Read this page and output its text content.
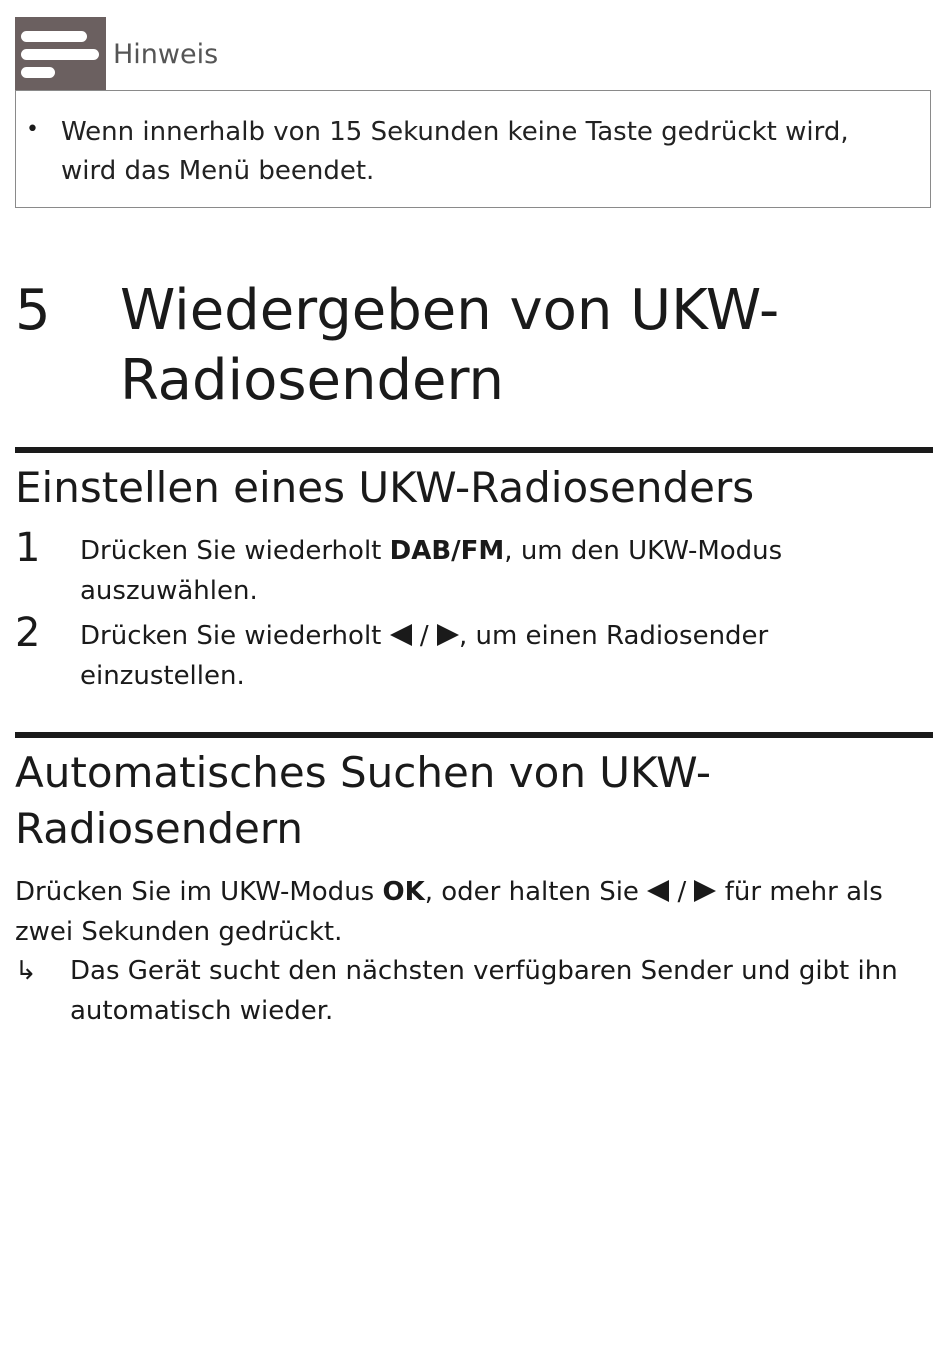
Hinweis
• Wenn innerhalb von 15 Sekunden keine Taste gedrückt wird, wird das Menü beendet.
5 Wiedergeben von UKW-Radiosendern
Einstellen eines UKW-Radiosenders
1 Drücken Sie wiederholt DAB/FM, um den UKW-Modus auszuwählen.
2 Drücken Sie wiederholt  / , um einen Radiosender einzustellen.
Automatisches Suchen von UKW-
Radiosendern
Drücken Sie im UKW-Modus OK, oder halten Sie  /  für mehr als zwei Sekunden gedrückt.
↳ Das Gerät sucht den nächsten verfügbaren Sender und gibt ihn automatisch wieder.
